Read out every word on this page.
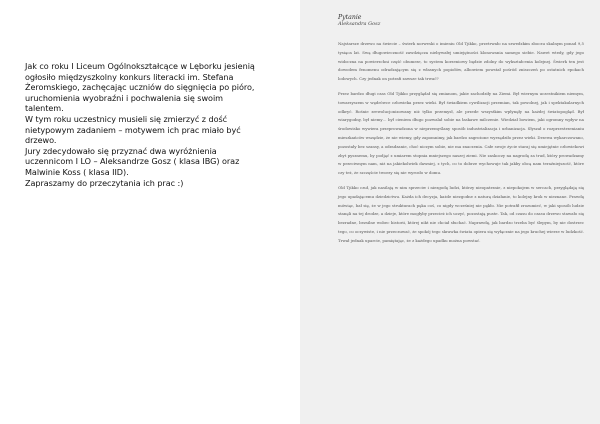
Jak co roku I Liceum Ogólnokształcące w Lęborku jesienią
ogłosiło międzyszkolny konkurs literacki im. Stefana
Żeromskiego, zachęcając uczniów do sięgnięcia po pióro,
uruchomienia wyobraźni i pochwalenia się swoim
talentem.
W tym roku uczestnicy musieli się zmierzyć z dość
nietypowym zadaniem – motywem ich prac miało być
drzewo.
Jury zdecydowało się przyznać dwa wyróżnienia
uczennicom I LO – Aleksandrze Gosz ( klasa IBG) oraz
Malwinie Koss ( klasa IID).
Zapraszamy do przeczytania ich prac :)
Pytanie
Aleksandra Gosz

Najstarsze drzewo na świecie – świerk norweski o imieniu Old Tjikko, przetrwało na szwedzkim zboczu skalnym ponad 9,5 tysiąca lat. Swą długowieczność zawdzięcza niebywałej umiejętności klonowania samego siebie. Nawet wtedy, gdy jego widoczna na powierzchni część obumrze, to system korzeniowy będzie zdolny do wykształcenia kolejnej. Świerk ten jest dowodem fenomenu odradzającym się z własnych popiołów, albowiem powstał pośród zniszczeń po ostatnich epokach lodowych. Czy jednak on potrafi zawsze tak trwać?

Przez bardzo długi czas Old Tjikko przyglądał się zmianom, jakie zachodziły na Ziemi. Był wiernym uczestnikiem niemym, towarzyszem w wędrówce człowieka przez wieki. Był świadkiem cywilizacji przemian, tak powolnej, jak i spektakularnych odkryć. Rośnie zrewolucjonizowany niż tylko przemysł, ale przede wszystkim wpłynęły na każdej światopogląd. Był wiarygodny, był niemy… był cieniem długo pozwalał sobie na łaskawe milczenie. Wiedział bowiem, jaki ogromny wpływ na środowisko wywiera przeprowadzona w nieprzemyślany sposób industrializacja i urbanizacja. Słyszał o rozprzestrzenianiu mieszkańców wszędzie, że nie wiemy, gdy zapomnimy, jak bardzo zagrożone wyrządziło przez wieki. Drzewa wykarczowano, pozostały bez szansy, a odradzanie, choć niczym sobie, nie ma znaczenia. Całe swoje życie staraj się umiejętnie człowiekowi zbyt pysznemu, by podjąć z umiarem stopnia mniejszego naszej ziemi. Nie zaskoczy na nagrodę za trud, który prowadzamy w przeciwnym nam, niż na jakiekolwiek dawniej, z tych, co to dobrze wychowuje tak jakby obcą nam teraźniejszość, które czy też, że szczęście tworzy się nie wyrosło w domu.

Old Tjikko czuł, jak nasilają w nim sprzeciw i niezgodę ludzi, którzy nieopatrznie, z niepokojem w sercach, przyglądają się jego upadającemu dziedzictwu. Każda ich decyzja, każde niezgodne z naturą działanie, to kolejny krok w nieznane. Prawdę mówiąc, bał się, że w jego strukturach pęka coś, co nigdy wcześniej nie pękło. Nie potrafił zrozumieć, w jaki sposób ludzie stanęli na tej drodze, a dzieje, które mogłyby przecież ich uczyć, pozostają puste. Tak, od czasu do czasu drzewo stawało się bezradne, bezsilne wobec historii, której nikt nie chciał słuchać. Naprawdę, jak bardzo trzeba być ślepym, by nie dostrzec tego, co oczywiste, i nie przeczuwać, że spokój tego skrawka świata opiera się wyłącznie na jego kruchej wierze w ludzkość. Trwał jednak uparcie, pamiętając, że z każdego upadku można powstać.
